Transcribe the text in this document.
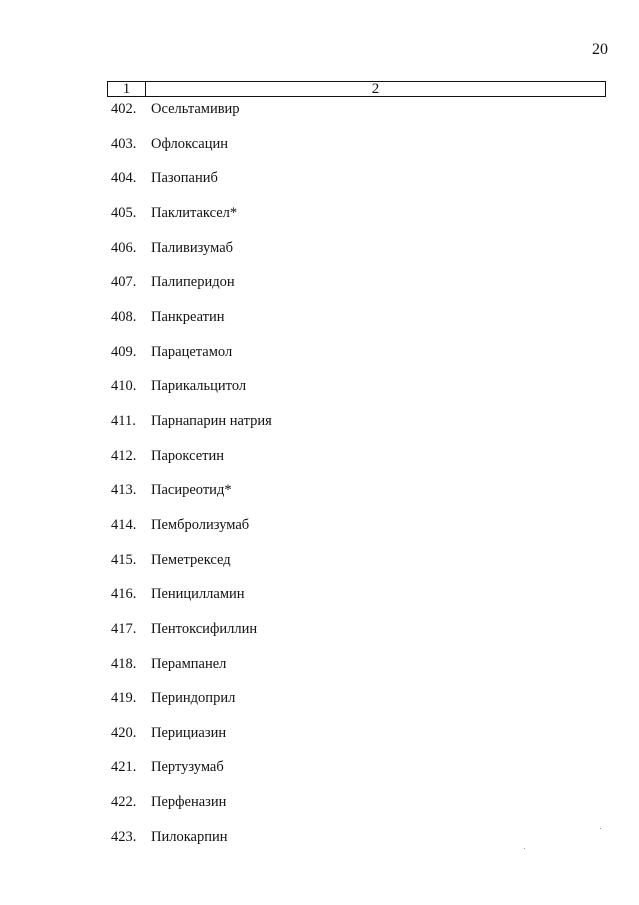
20
1	2
402.	Осельтамивир
403.	Офлоксацин
404.	Пазопаниб
405.	Паклитаксел*
406.	Паливизумаб
407.	Палиперидон
408.	Панкреатин
409.	Парацетамол
410.	Парикальцитол
411.	Парнапарин натрия
412.	Пароксетин
413.	Пасиреотид*
414.	Пембролизумаб
415.	Пеметрексед
416.	Пеницилламин
417.	Пентоксифиллин
418.	Перампанел
419.	Периндоприл
420.	Перициазин
421.	Пертузумаб
422.	Перфеназин
423.	Пилокарпин
